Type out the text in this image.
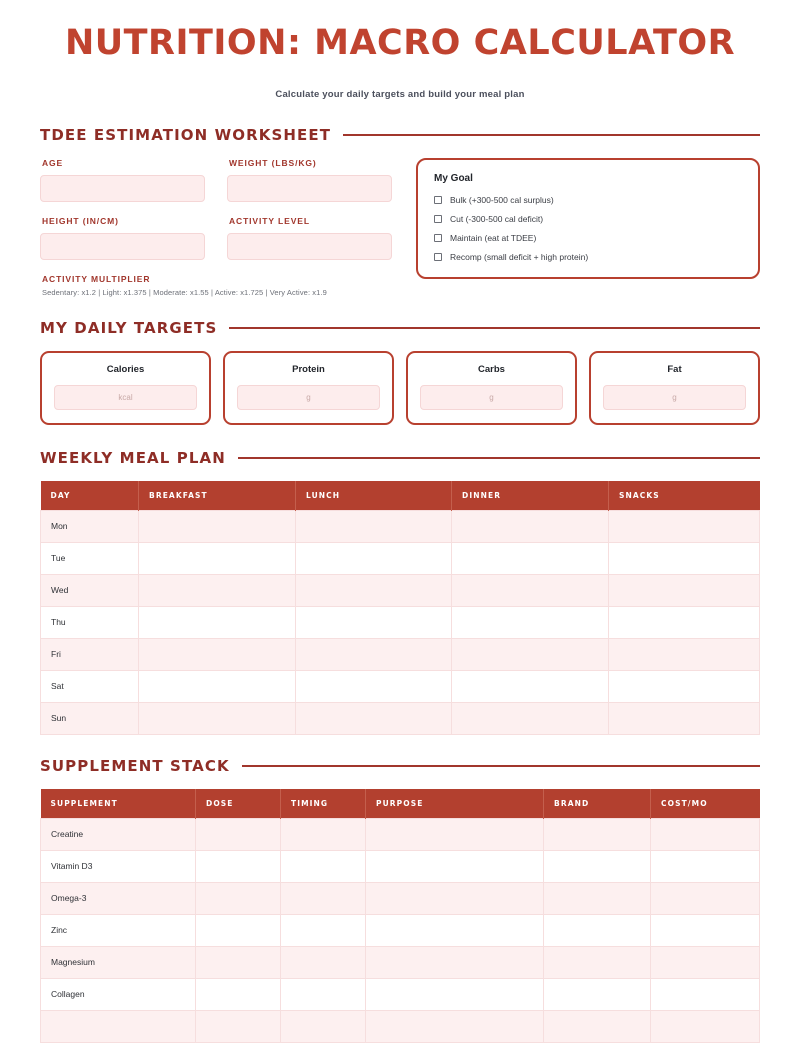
NUTRITION: MACRO CALCULATOR

Calculate your daily targets and build your meal plan

TDEE ESTIMATION WORKSHEET
AGE	WEIGHT (LBS/KG)
HEIGHT (IN/CM)	ACTIVITY LEVEL
ACTIVITY MULTIPLIER
Sedentary: x1.2 | Light: x1.375 | Moderate: x1.55 | Active: x1.725 | Very Active: x1.9
My Goal
Bulk (+300-500 cal surplus)
Cut (-300-500 cal deficit)
Maintain (eat at TDEE)
Recomp (small deficit + high protein)
MY DAILY TARGETS
Calories
kcal	Protein
g	Carbs
g	Fat
g
WEEKLY MEAL PLAN
DAY	BREAKFAST	LUNCH	DINNER	SNACKS
Mon				
Tue				
Wed				
Thu				
Fri				
Sat				
Sun				
SUPPLEMENT STACK
SUPPLEMENT	DOSE	TIMING	PURPOSE	BRAND	COST/MO
Creatine					
Vitamin D3					
Omega-3					
Zinc					
Magnesium					
Collagen					
